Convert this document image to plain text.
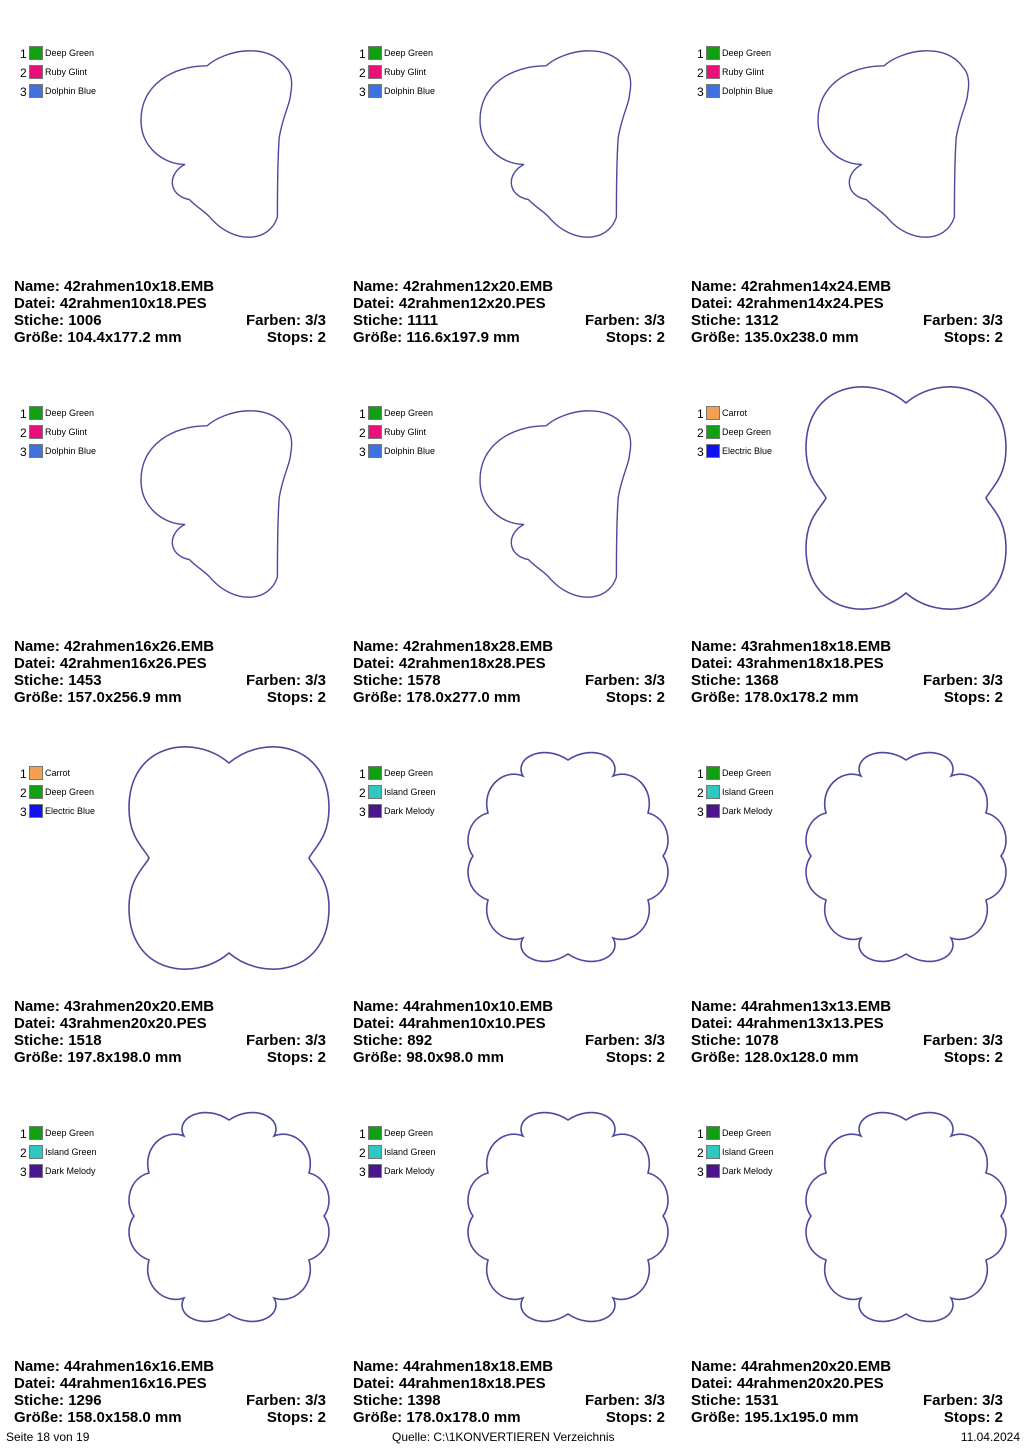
1 Deep Green
2 Ruby Glint
3 Dolphin Blue
Name: 42rahmen10x18.EMB
Datei: 42rahmen10x18.PES
Stiche: 1006	Farben: 3/3
Größe: 104.4x177.2 mm	Stops: 2
1 Deep Green
2 Ruby Glint
3 Dolphin Blue
Name: 42rahmen12x20.EMB
Datei: 42rahmen12x20.PES
Stiche: 1111	Farben: 3/3
Größe: 116.6x197.9 mm	Stops: 2
1 Deep Green
2 Ruby Glint
3 Dolphin Blue
Name: 42rahmen14x24.EMB
Datei: 42rahmen14x24.PES
Stiche: 1312	Farben: 3/3
Größe: 135.0x238.0 mm	Stops: 2
1 Deep Green
2 Ruby Glint
3 Dolphin Blue
Name: 42rahmen16x26.EMB
Datei: 42rahmen16x26.PES
Stiche: 1453	Farben: 3/3
Größe: 157.0x256.9 mm	Stops: 2
1 Deep Green
2 Ruby Glint
3 Dolphin Blue
Name: 42rahmen18x28.EMB
Datei: 42rahmen18x28.PES
Stiche: 1578	Farben: 3/3
Größe: 178.0x277.0 mm	Stops: 2
1 Carrot
2 Deep Green
3 Electric Blue
Name: 43rahmen18x18.EMB
Datei: 43rahmen18x18.PES
Stiche: 1368	Farben: 3/3
Größe: 178.0x178.2 mm	Stops: 2
1 Carrot
2 Deep Green
3 Electric Blue
Name: 43rahmen20x20.EMB
Datei: 43rahmen20x20.PES
Stiche: 1518	Farben: 3/3
Größe: 197.8x198.0 mm	Stops: 2
1 Deep Green
2 Island Green
3 Dark Melody
Name: 44rahmen10x10.EMB
Datei: 44rahmen10x10.PES
Stiche: 892	Farben: 3/3
Größe: 98.0x98.0 mm	Stops: 2
1 Deep Green
2 Island Green
3 Dark Melody
Name: 44rahmen13x13.EMB
Datei: 44rahmen13x13.PES
Stiche: 1078	Farben: 3/3
Größe: 128.0x128.0 mm	Stops: 2
1 Deep Green
2 Island Green
3 Dark Melody
Name: 44rahmen16x16.EMB
Datei: 44rahmen16x16.PES
Stiche: 1296	Farben: 3/3
Größe: 158.0x158.0 mm	Stops: 2
1 Deep Green
2 Island Green
3 Dark Melody
Name: 44rahmen18x18.EMB
Datei: 44rahmen18x18.PES
Stiche: 1398	Farben: 3/3
Größe: 178.0x178.0 mm	Stops: 2
1 Deep Green
2 Island Green
3 Dark Melody
Name: 44rahmen20x20.EMB
Datei: 44rahmen20x20.PES
Stiche: 1531	Farben: 3/3
Größe: 195.1x195.0 mm	Stops: 2
Seite 18 von 19	Quelle: C:\1KONVERTIEREN Verzeichnis	11.04.2024
